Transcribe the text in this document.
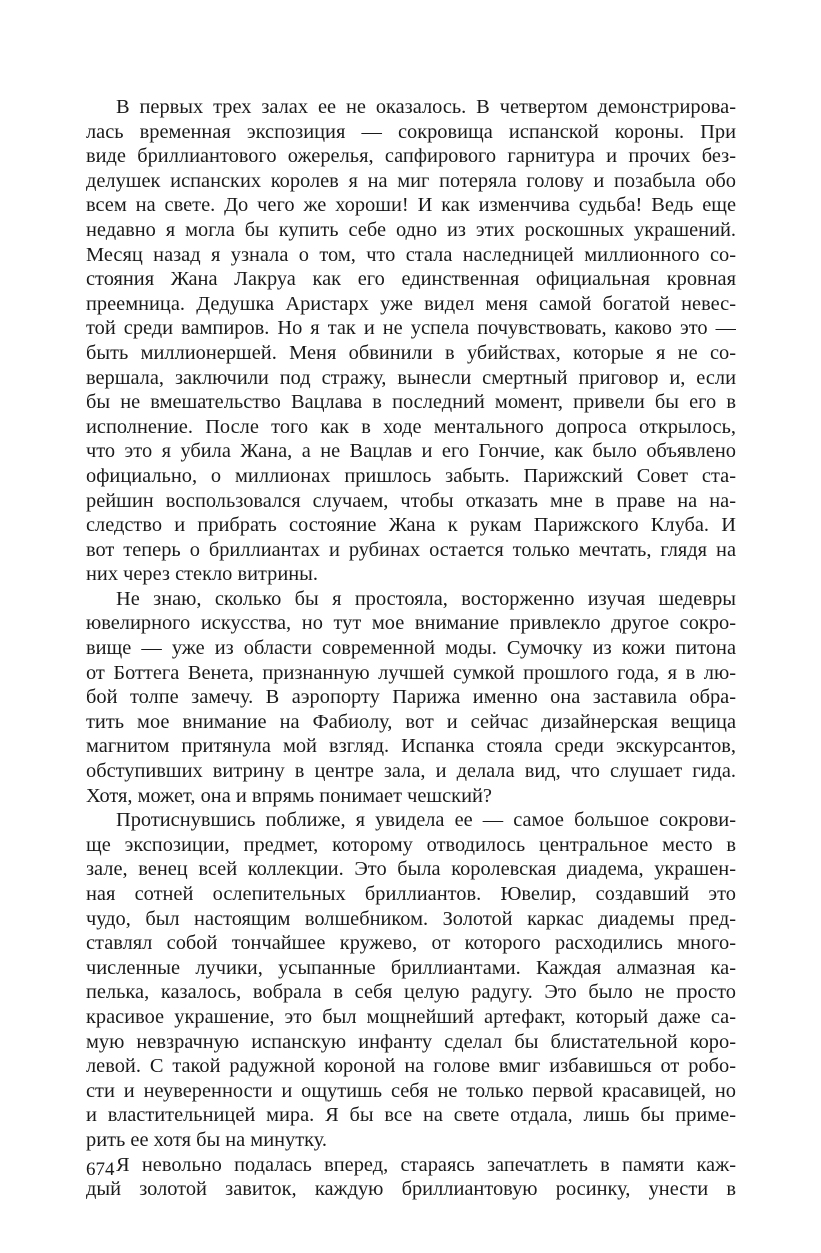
В первых трех залах ее не оказалось. В четвертом демонстрирова-
лась временная экспозиция — сокровища испанской короны. При
виде бриллиантового ожерелья, сапфирового гарнитура и прочих без-
делушек испанских королев я на миг потеряла голову и позабыла обо
всем на свете. До чего же хороши! И как изменчива судьба! Ведь еще
недавно я могла бы купить себе одно из этих роскошных украшений.
Месяц назад я узнала о том, что стала наследницей миллионного со-
стояния Жана Лакруа как его единственная официальная кровная
преемница. Дедушка Аристарх уже видел меня самой богатой невес-
той среди вампиров. Но я так и не успела почувствовать, каково это —
быть миллионершей. Меня обвинили в убийствах, которые я не со-
вершала, заключили под стражу, вынесли смертный приговор и, если
бы не вмешательство Вацлава в последний момент, привели бы его в
исполнение. После того как в ходе ментального допроса открылось,
что это я убила Жана, а не Вацлав и его Гончие, как было объявлено
официально, о миллионах пришлось забыть. Парижский Совет ста-
рейшин воспользовался случаем, чтобы отказать мне в праве на на-
следство и прибрать состояние Жана к рукам Парижского Клуба. И
вот теперь о бриллиантах и рубинах остается только мечтать, глядя на
них через стекло витрины.
Не знаю, сколько бы я простояла, восторженно изучая шедевры
ювелирного искусства, но тут мое внимание привлекло другое сокро-
вище — уже из области современной моды. Сумочку из кожи питона
от Боттега Венета, признанную лучшей сумкой прошлого года, я в лю-
бой толпе замечу. В аэропорту Парижа именно она заставила обра-
тить мое внимание на Фабиолу, вот и сейчас дизайнерская вещица
магнитом притянула мой взгляд. Испанка стояла среди экскурсантов,
обступивших витрину в центре зала, и делала вид, что слушает гида.
Хотя, может, она и впрямь понимает чешский?
Протиснувшись поближе, я увидела ее — самое большое сокрови-
ще экспозиции, предмет, которому отводилось центральное место в
зале, венец всей коллекции. Это была королевская диадема, украшен-
ная сотней ослепительных бриллиантов. Ювелир, создавший это
чудо, был настоящим волшебником. Золотой каркас диадемы пред-
ставлял собой тончайшее кружево, от которого расходились много-
численные лучики, усыпанные бриллиантами. Каждая алмазная ка-
пелька, казалось, вобрала в себя целую радугу. Это было не просто
красивое украшение, это был мощнейший артефакт, который даже са-
мую невзрачную испанскую инфанту сделал бы блистательной коро-
левой. С такой радужной короной на голове вмиг избавишься от робо-
сти и неуверенности и ощутишь себя не только первой красавицей, но
и властительницей мира. Я бы все на свете отдала, лишь бы приме-
рить ее хотя бы на минутку.
Я невольно подалась вперед, стараясь запечатлеть в памяти каж-
дый золотой завиток, каждую бриллиантовую росинку, унести в
674
